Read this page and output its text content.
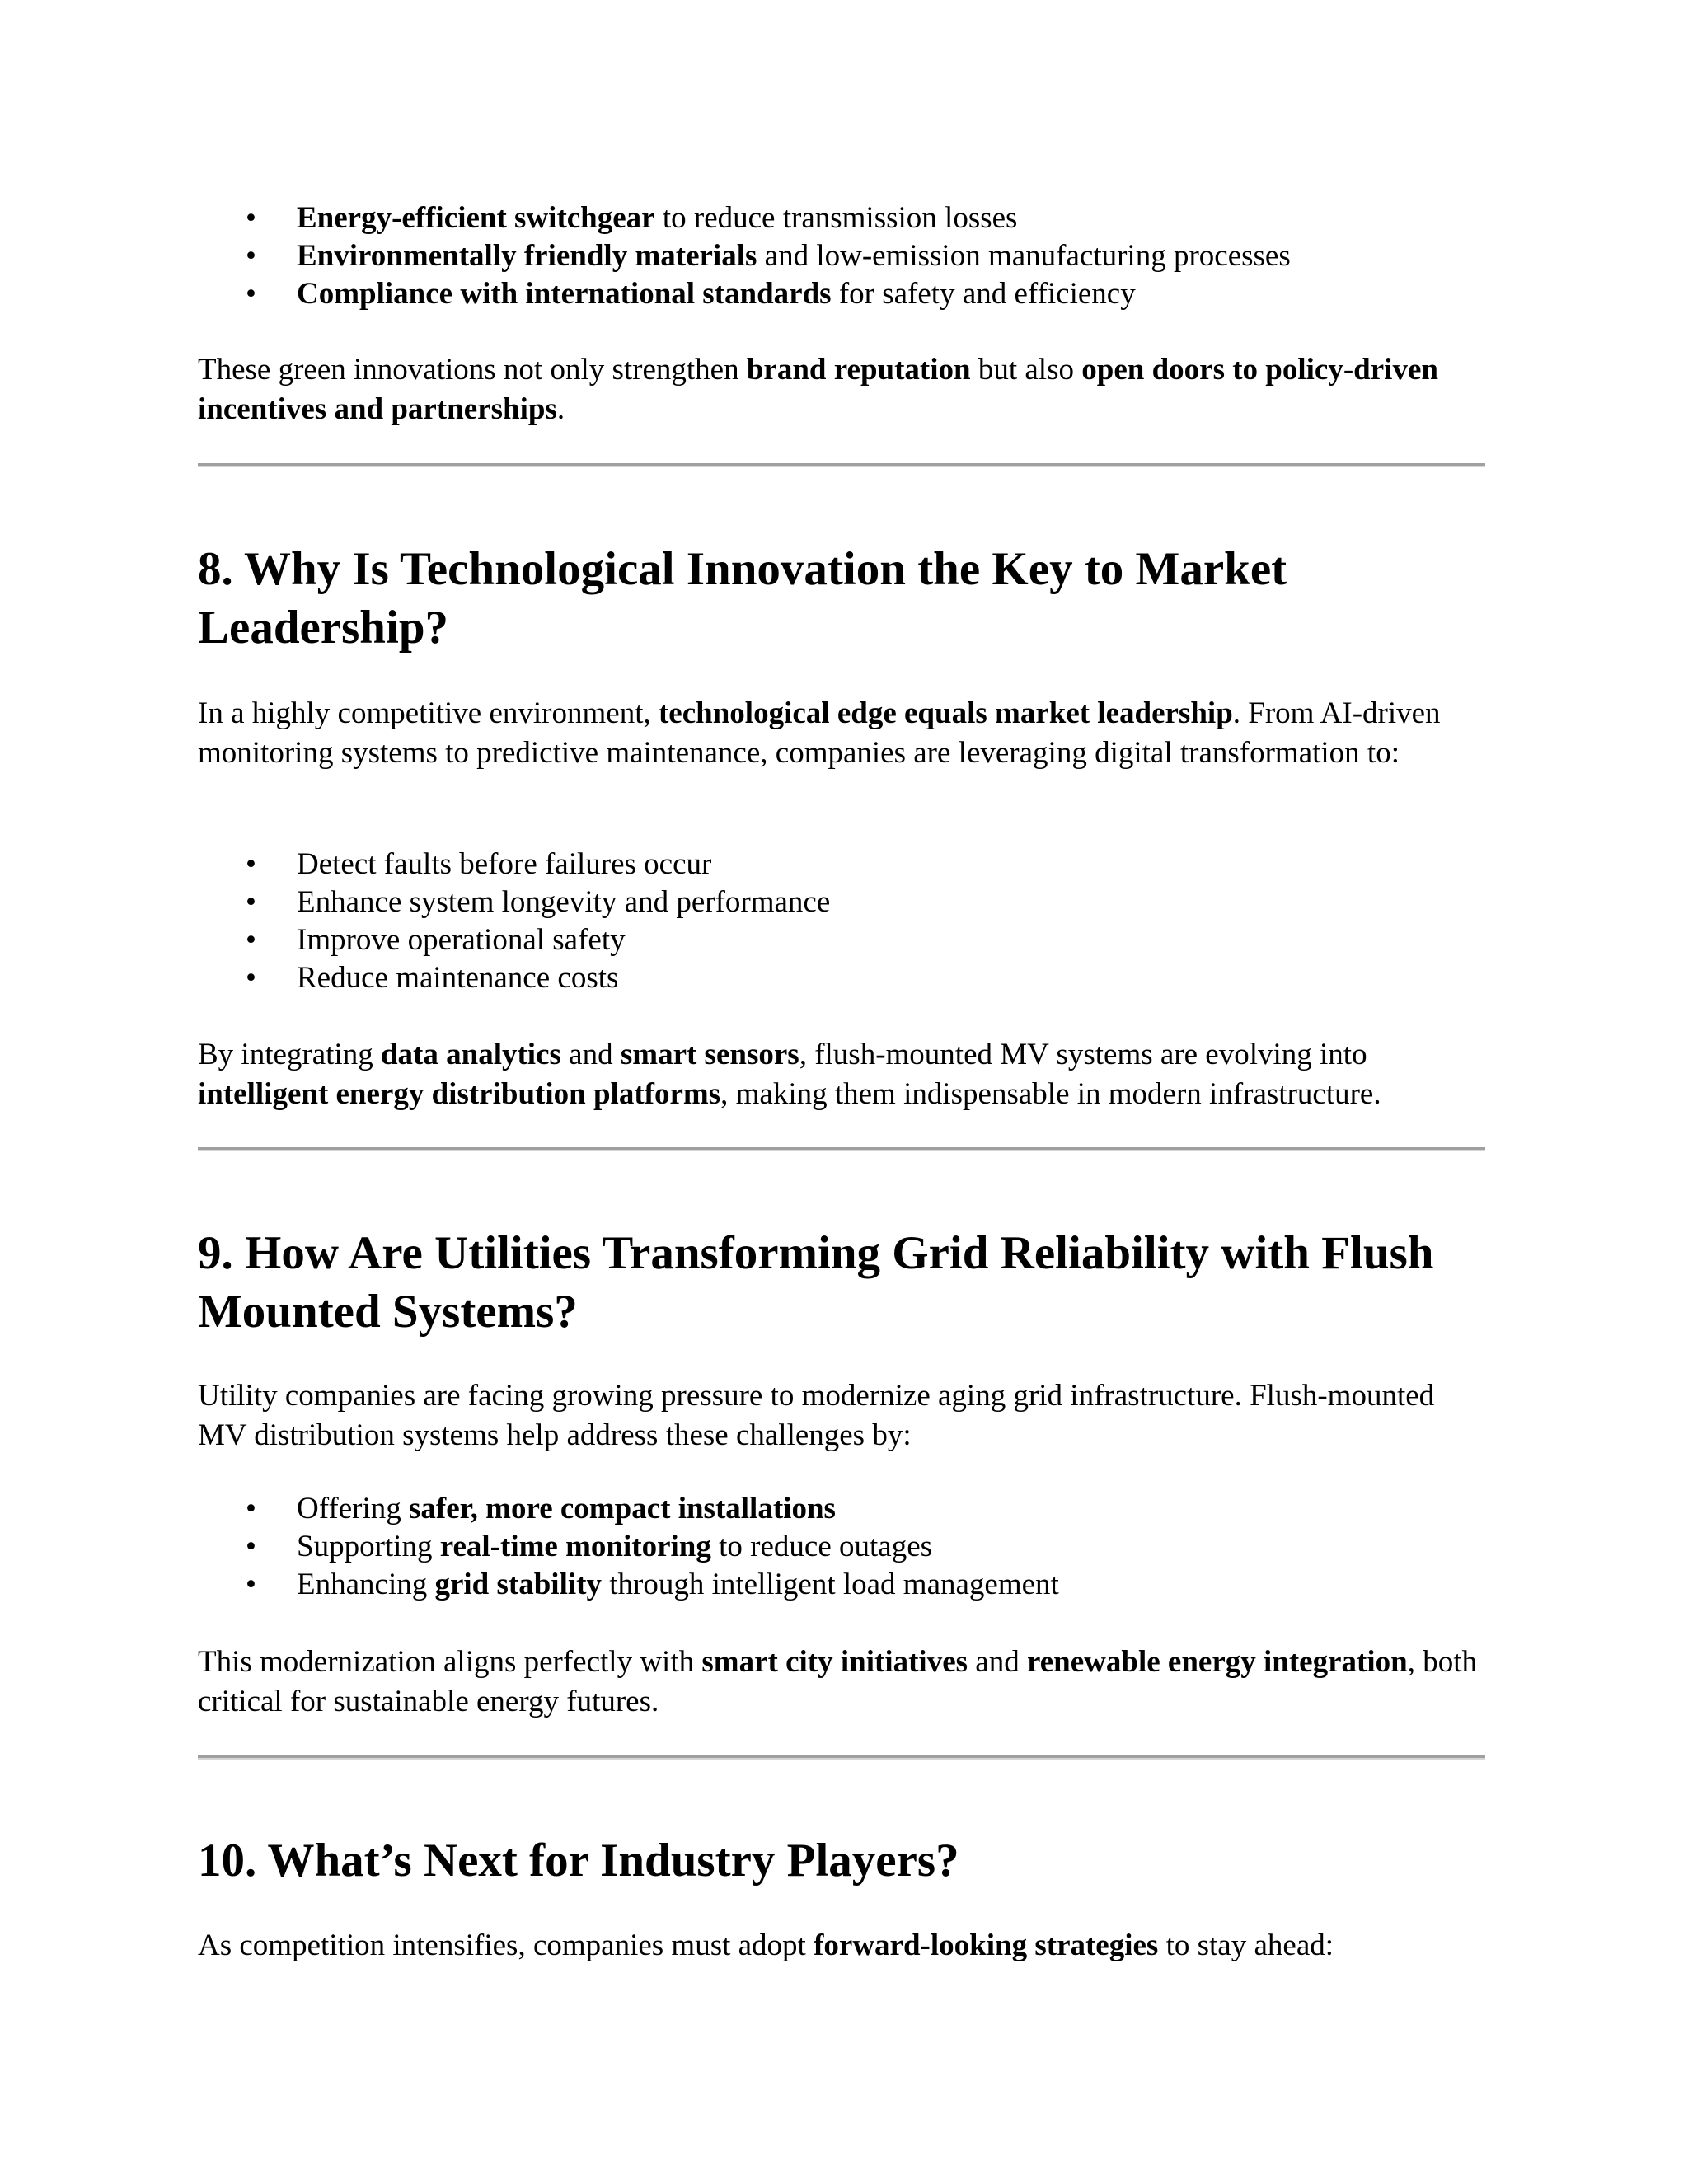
• Energy-efficient switchgear to reduce transmission losses
• Environmentally friendly materials and low-emission manufacturing processes
• Compliance with international standards for safety and efficiency

These green innovations not only strengthen brand reputation but also open doors to policy-driven incentives and partnerships.

8. Why Is Technological Innovation the Key to Market Leadership?

In a highly competitive environment, technological edge equals market leadership. From AI-driven monitoring systems to predictive maintenance, companies are leveraging digital transformation to:

• Detect faults before failures occur
• Enhance system longevity and performance
• Improve operational safety
• Reduce maintenance costs

By integrating data analytics and smart sensors, flush-mounted MV systems are evolving into intelligent energy distribution platforms, making them indispensable in modern infrastructure.

9. How Are Utilities Transforming Grid Reliability with Flush Mounted Systems?

Utility companies are facing growing pressure to modernize aging grid infrastructure. Flush-mounted MV distribution systems help address these challenges by:

• Offering safer, more compact installations
• Supporting real-time monitoring to reduce outages
• Enhancing grid stability through intelligent load management

This modernization aligns perfectly with smart city initiatives and renewable energy integration, both critical for sustainable energy futures.

10. What’s Next for Industry Players?

As competition intensifies, companies must adopt forward-looking strategies to stay ahead:
